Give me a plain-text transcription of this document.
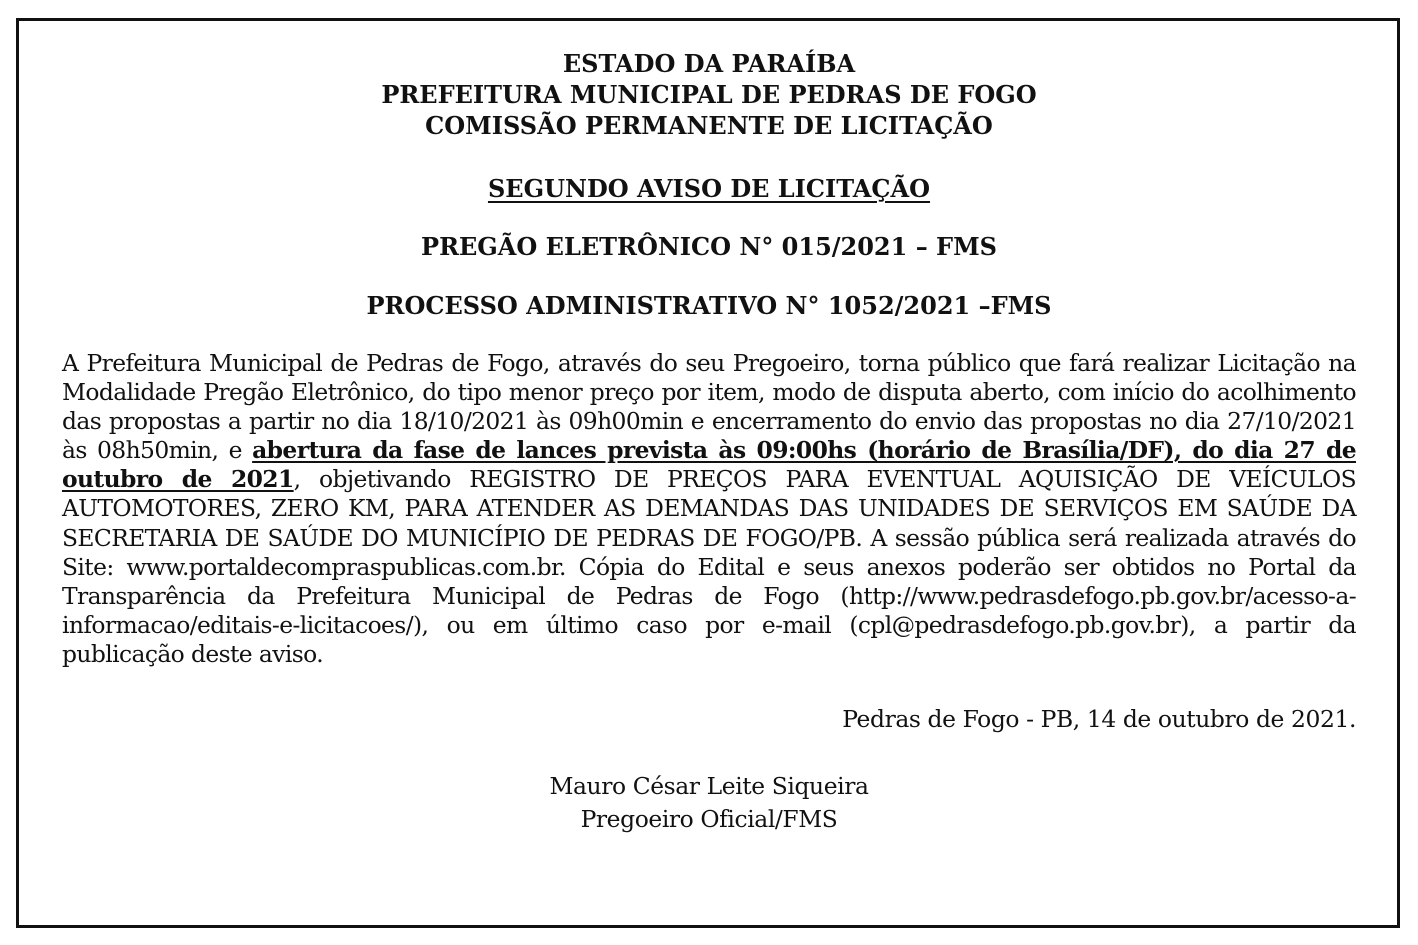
ESTADO DA PARAÍBA
PREFEITURA MUNICIPAL DE PEDRAS DE FOGO
COMISSÃO PERMANENTE DE LICITAÇÃO
SEGUNDO AVISO DE LICITAÇÃO
PREGÃO ELETRÔNICO N° 015/2021 – FMS
PROCESSO ADMINISTRATIVO N° 1052/2021 –FMS
A Prefeitura Municipal de Pedras de Fogo, através do seu Pregoeiro, torna público que fará realizar Licitação na Modalidade Pregão Eletrônico, do tipo menor preço por item, modo de disputa aberto, com início do acolhimento das propostas a partir no dia 18/10/2021 às 09h00min e encerramento do envio das propostas no dia 27/10/2021 às 08h50min, e abertura da fase de lances prevista às 09:00hs (horário de Brasília/DF), do dia 27 de outubro de 2021, objetivando REGISTRO DE PREÇOS PARA EVENTUAL AQUISIÇÃO DE VEÍCULOS AUTOMOTORES, ZERO KM, PARA ATENDER AS DEMANDAS DAS UNIDADES DE SERVIÇOS EM SAÚDE DA SECRETARIA DE SAÚDE DO MUNICÍPIO DE PEDRAS DE FOGO/PB. A sessão pública será realizada através do Site: www.portaldecompraspublicas.com.br. Cópia do Edital e seus anexos poderão ser obtidos no Portal da Transparência da Prefeitura Municipal de Pedras de Fogo (http://www.pedrasdefogo.pb.gov.br/acesso-a-informacao/editais-e-licitacoes/), ou em último caso por e-mail (cpl@pedrasdefogo.pb.gov.br), a partir da publicação deste aviso.
Pedras de Fogo - PB, 14 de outubro de 2021.
Mauro César Leite Siqueira
Pregoeiro Oficial/FMS
